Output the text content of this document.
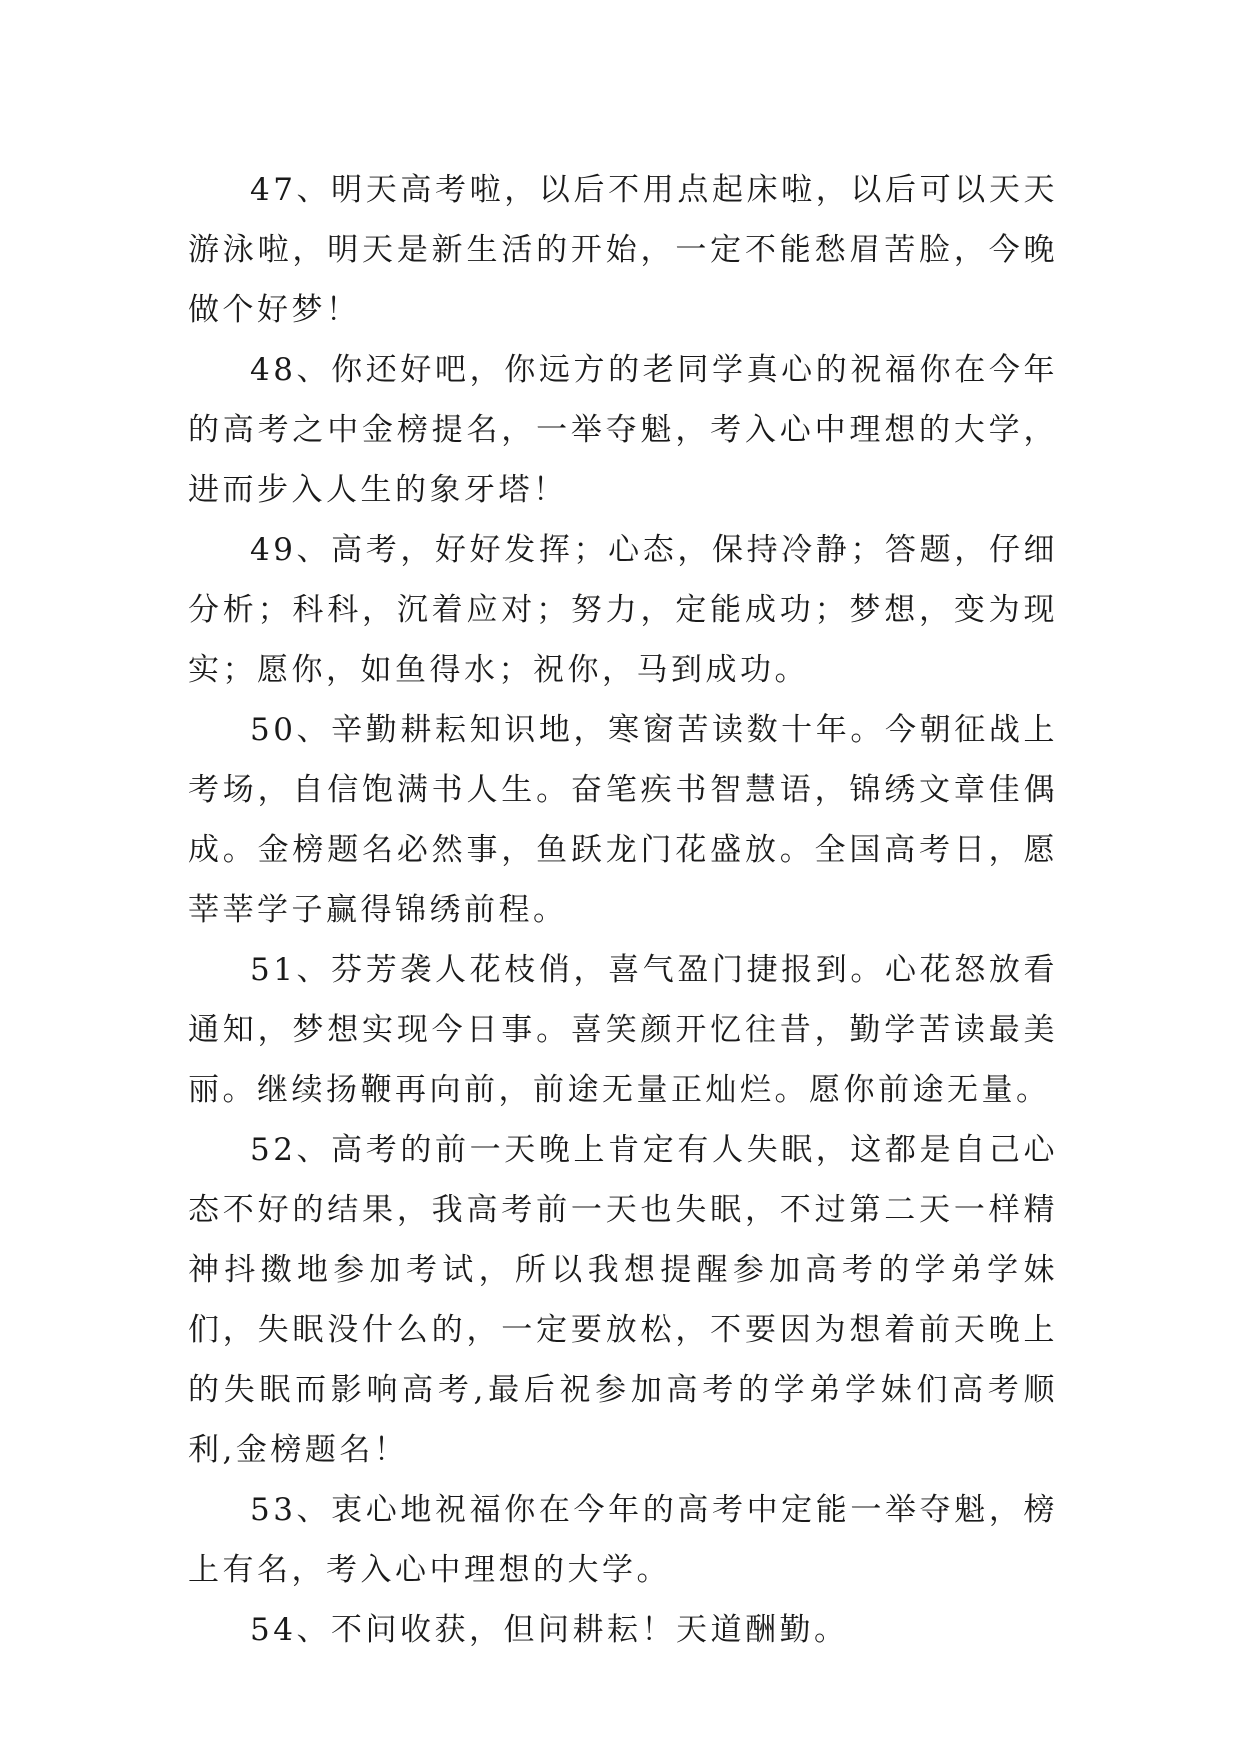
47、明天高考啦，以后不用点起床啦，以后可以天天游泳啦，明天是新生活的开始，一定不能愁眉苦脸，今晚做个好梦！

48、你还好吧，你远方的老同学真心的祝福你在今年的高考之中金榜提名，一举夺魁，考入心中理想的大学，进而步入人生的象牙塔！

49、高考，好好发挥；心态，保持冷静；答题，仔细分析；科科，沉着应对；努力，定能成功；梦想，变为现实；愿你，如鱼得水；祝你，马到成功。

50、辛勤耕耘知识地，寒窗苦读数十年。今朝征战上考场，自信饱满书人生。奋笔疾书智慧语，锦绣文章佳偶成。金榜题名必然事，鱼跃龙门花盛放。全国高考日，愿莘莘学子赢得锦绣前程。

51、芬芳袭人花枝俏，喜气盈门捷报到。心花怒放看通知，梦想实现今日事。喜笑颜开忆往昔，勤学苦读最美丽。继续扬鞭再向前，前途无量正灿烂。愿你前途无量。

52、高考的前一天晚上肯定有人失眠，这都是自己心态不好的结果，我高考前一天也失眠，不过第二天一样精神抖擞地参加考试，所以我想提醒参加高考的学弟学妹们，失眠没什么的，一定要放松，不要因为想着前天晚上的失眠而影响高考,最后祝参加高考的学弟学妹们高考顺利,金榜题名！

53、衷心地祝福你在今年的高考中定能一举夺魁，榜上有名，考入心中理想的大学。

54、不问收获，但问耕耘！天道酬勤。
